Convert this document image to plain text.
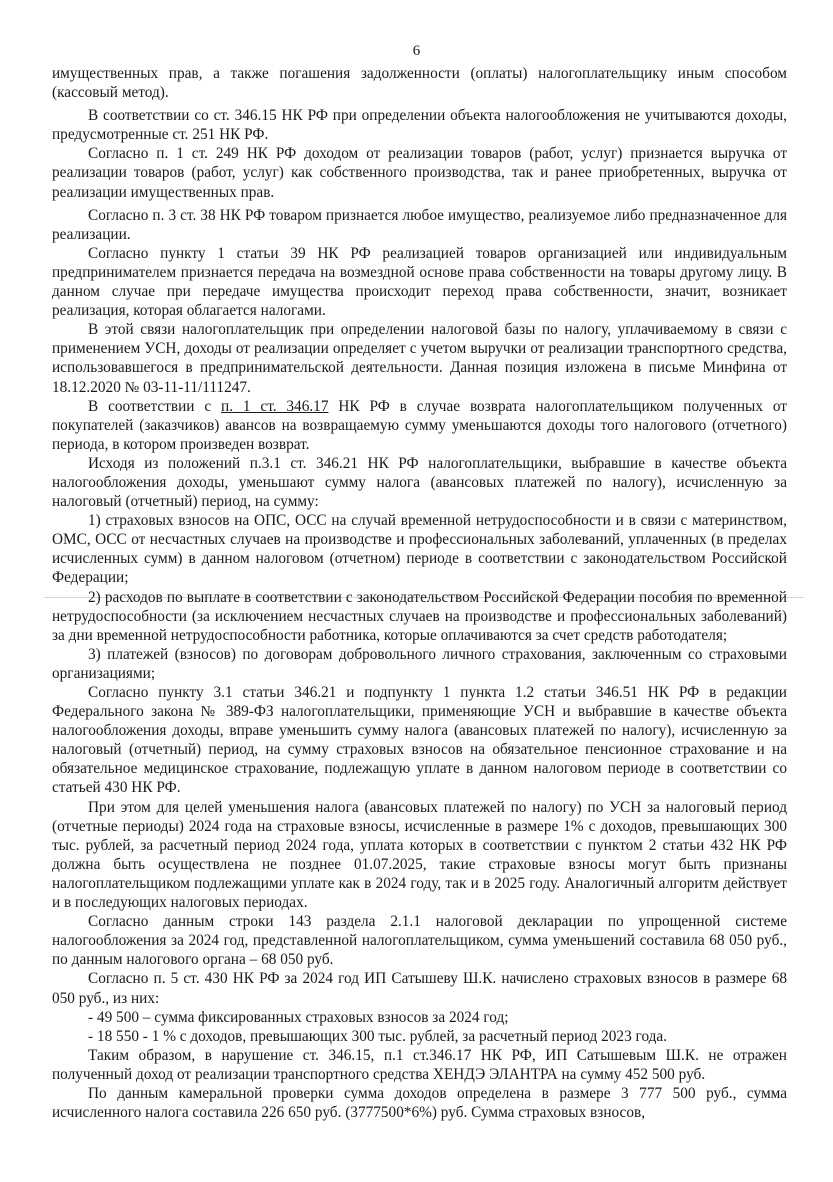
6

имущественных прав, а также погашения задолженности (оплаты) налогоплательщику иным способом (кассовый метод).

В соответствии со ст. 346.15 НК РФ при определении объекта налогообложения не учитываются доходы, предусмотренные ст. 251 НК РФ.

Согласно п. 1 ст. 249 НК РФ доходом от реализации товаров (работ, услуг) признается выручка от реализации товаров (работ, услуг) как собственного производства, так и ранее приобретенных, выручка от реализации имущественных прав.

Согласно п. 3 ст. 38 НК РФ товаром признается любое имущество, реализуемое либо предназначенное для реализации.

Согласно пункту 1 статьи 39 НК РФ реализацией товаров организацией или индивидуальным предпринимателем признается передача на возмездной основе права собственности на товары другому лицу. В данном случае при передаче имущества происходит переход права собственности, значит, возникает реализация, которая облагается налогами.

В этой связи налогоплательщик при определении налоговой базы по налогу, уплачиваемому в связи с применением УСН, доходы от реализации определяет с учетом выручки от реализации транспортного средства, использовавшегося в предпринимательской деятельности. Данная позиция изложена в письме Минфина от 18.12.2020 № 03-11-11/111247.

В соответствии с п. 1 ст. 346.17 НК РФ в случае возврата налогоплательщиком полученных от покупателей (заказчиков) авансов на возвращаемую сумму уменьшаются доходы того налогового (отчетного) периода, в котором произведен возврат.

Исходя из положений п.3.1 ст. 346.21 НК РФ налогоплательщики, выбравшие в качестве объекта налогообложения доходы, уменьшают сумму налога (авансовых платежей по налогу), исчисленную за налоговый (отчетный) период, на сумму:

1) страховых взносов на ОПС, ОСС на случай временной нетрудоспособности и в связи с материнством, ОМС, ОСС от несчастных случаев на производстве и профессиональных заболеваний, уплаченных (в пределах исчисленных сумм) в данном налоговом (отчетном) периоде в соответствии с законодательством Российской Федерации;

2) расходов по выплате в соответствии с законодательством Российской Федерации пособия по временной нетрудоспособности (за исключением несчастных случаев на производстве и профессиональных заболеваний) за дни временной нетрудоспособности работника, которые оплачиваются за счет средств работодателя;

3) платежей (взносов) по договорам добровольного личного страхования, заключенным со страховыми организациями;

Согласно пункту 3.1 статьи 346.21 и подпункту 1 пункта 1.2 статьи 346.51 НК РФ в редакции Федерального закона № 389-ФЗ налогоплательщики, применяющие УСН и выбравшие в качестве объекта налогообложения доходы, вправе уменьшить сумму налога (авансовых платежей по налогу), исчисленную за налоговый (отчетный) период, на сумму страховых взносов на обязательное пенсионное страхование и на обязательное медицинское страхование, подлежащую уплате в данном налоговом периоде в соответствии со статьей 430 НК РФ.

При этом для целей уменьшения налога (авансовых платежей по налогу) по УСН за налоговый период (отчетные периоды) 2024 года на страховые взносы, исчисленные в размере 1% с доходов, превышающих 300 тыс. рублей, за расчетный период 2024 года, уплата которых в соответствии с пунктом 2 статьи 432 НК РФ должна быть осуществлена не позднее 01.07.2025, такие страховые взносы могут быть признаны налогоплательщиком подлежащими уплате как в 2024 году, так и в 2025 году. Аналогичный алгоритм действует и в последующих налоговых периодах.

Согласно данным строки 143 раздела 2.1.1 налоговой декларации по упрощенной системе налогообложения за 2024 год, представленной налогоплательщиком, сумма уменьшений составила 68 050 руб., по данным налогового органа – 68 050 руб.

Согласно п. 5 ст. 430 НК РФ за 2024 год ИП Сатышеву Ш.К. начислено страховых взносов в размере 68 050 руб., из них:

- 49 500 – сумма фиксированных страховых взносов за 2024 год;

- 18 550 - 1 % с доходов, превышающих 300 тыс. рублей, за расчетный период 2023 года.

Таким образом, в нарушение ст. 346.15, п.1 ст.346.17 НК РФ, ИП Сатышевым Ш.К. не отражен полученный доход от реализации транспортного средства ХЕНДЭ ЭЛАНТРА на сумму 452 500 руб.

По данным камеральной проверки сумма доходов определена в размере 3 777 500 руб., сумма исчисленного налога составила 226 650 руб. (3777500*6%) руб. Сумма страховых взносов,
